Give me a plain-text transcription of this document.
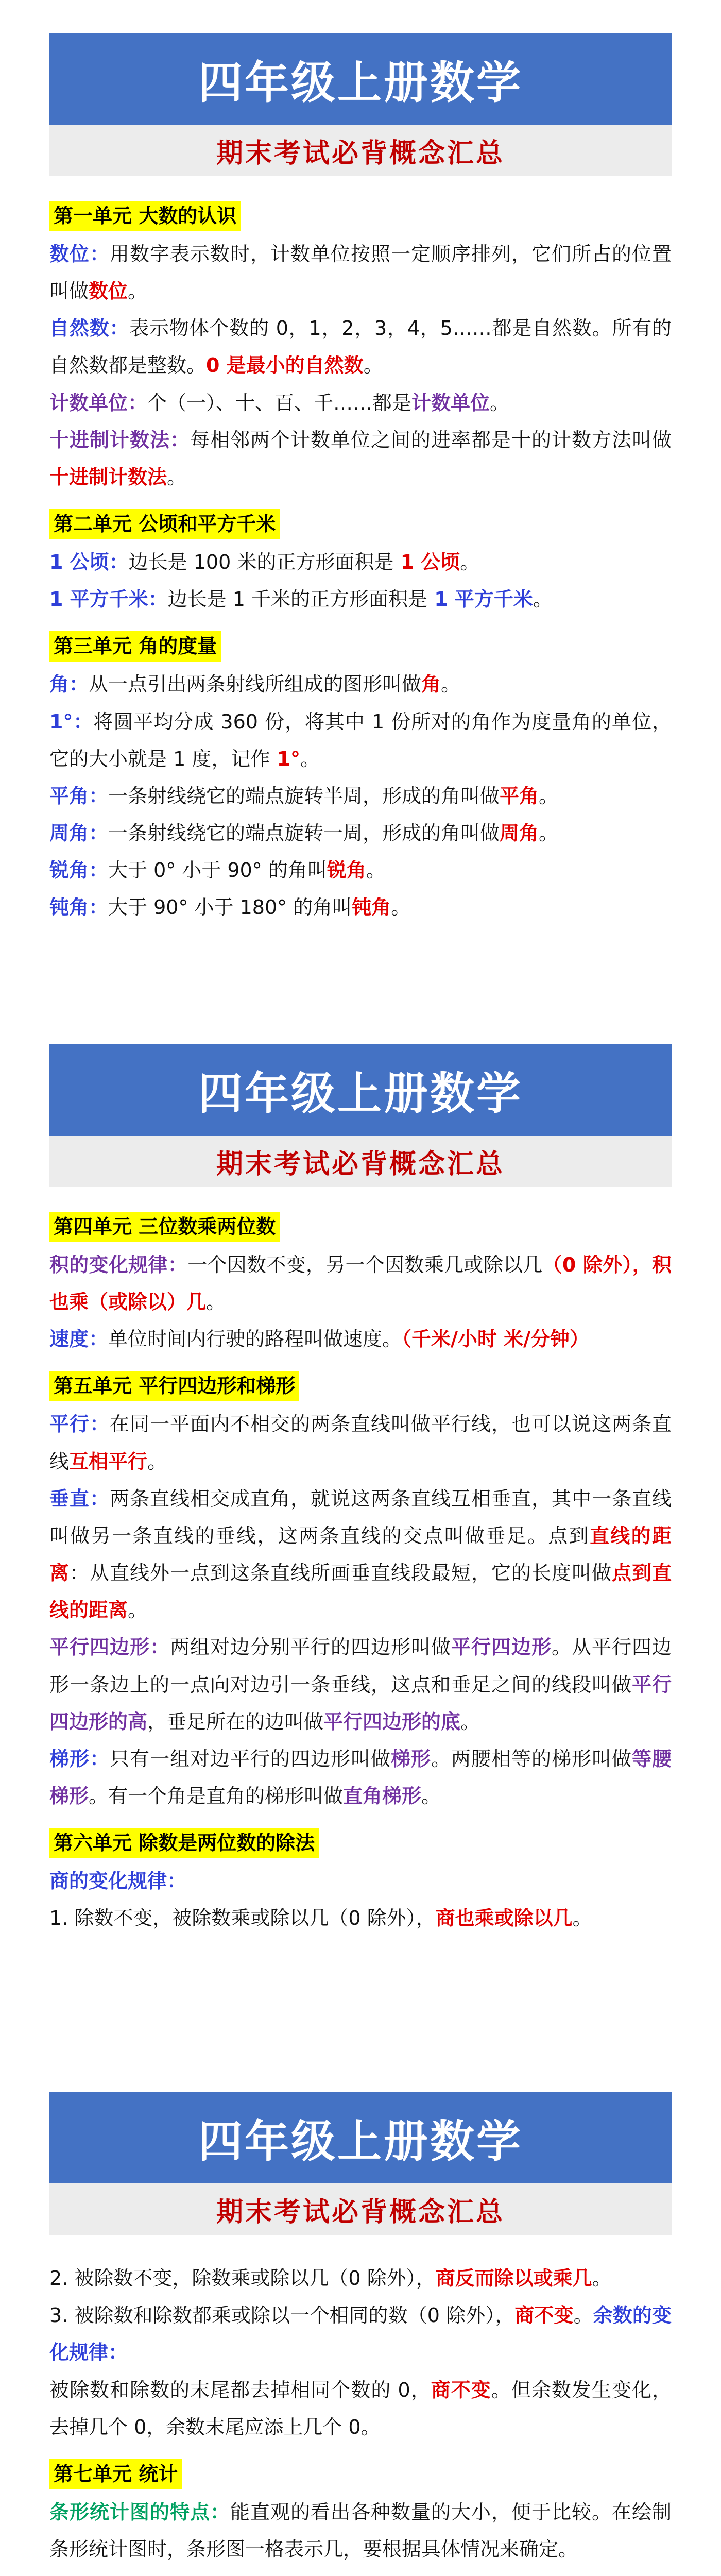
四年级上册数学
期末考试必背概念汇总
第一单元 大数的认识

数位：用数字表示数时，计数单位按照一定顺序排列，它们所占的位置叫做数位。

自然数：表示物体个数的 0，1，2，3，4，5……都是自然数。所有的自然数都是整数。0 是最小的自然数。

计数单位：个（一）、十、百、千……都是计数单位。

十进制计数法：每相邻两个计数单位之间的进率都是十的计数方法叫做十进制计数法。

第二单元 公顷和平方千米

1 公顷：边长是 100 米的正方形面积是 1 公顷。

1 平方千米：边长是 1 千米的正方形面积是 1 平方千米。

第三单元 角的度量

角：从一点引出两条射线所组成的图形叫做角。

1°：将圆平均分成 360 份，将其中 1 份所对的角作为度量角的单位，它的大小就是 1 度，记作 1°。

平角：一条射线绕它的端点旋转半周，形成的角叫做平角。

周角：一条射线绕它的端点旋转一周，形成的角叫做周角。

锐角：大于 0° 小于 90° 的角叫锐角。

钝角：大于 90° 小于 180° 的角叫钝角。

四年级上册数学
期末考试必背概念汇总
第四单元 三位数乘两位数

积的变化规律：一个因数不变，另一个因数乘几或除以几（0 除外），积也乘（或除以）几。

速度：单位时间内行驶的路程叫做速度。（千米/小时 米/分钟）

第五单元 平行四边形和梯形

平行：在同一平面内不相交的两条直线叫做平行线，也可以说这两条直线互相平行。

垂直：两条直线相交成直角，就说这两条直线互相垂直，其中一条直线叫做另一条直线的垂线，这两条直线的交点叫做垂足。点到直线的距离：从直线外一点到这条直线所画垂直线段最短，它的长度叫做点到直线的距离。

平行四边形：两组对边分别平行的四边形叫做平行四边形。从平行四边形一条边上的一点向对边引一条垂线，这点和垂足之间的线段叫做平行四边形的高，垂足所在的边叫做平行四边形的底。

梯形：只有一组对边平行的四边形叫做梯形。两腰相等的梯形叫做等腰梯形。有一个角是直角的梯形叫做直角梯形。

第六单元 除数是两位数的除法

商的变化规律：

1. 除数不变，被除数乘或除以几（0 除外），商也乘或除以几。

四年级上册数学
期末考试必背概念汇总

2. 被除数不变，除数乘或除以几（0 除外），商反而除以或乘几。

3. 被除数和除数都乘或除以一个相同的数（0 除外），商不变。余数的变化规律：

被除数和除数的末尾都去掉相同个数的 0，商不变。但余数发生变化，去掉几个 0，余数末尾应添上几个 0。

第七单元 统计

条形统计图的特点：能直观的看出各种数量的大小，便于比较。在绘制条形统计图时，条形图一格表示几，要根据具体情况来确定。
